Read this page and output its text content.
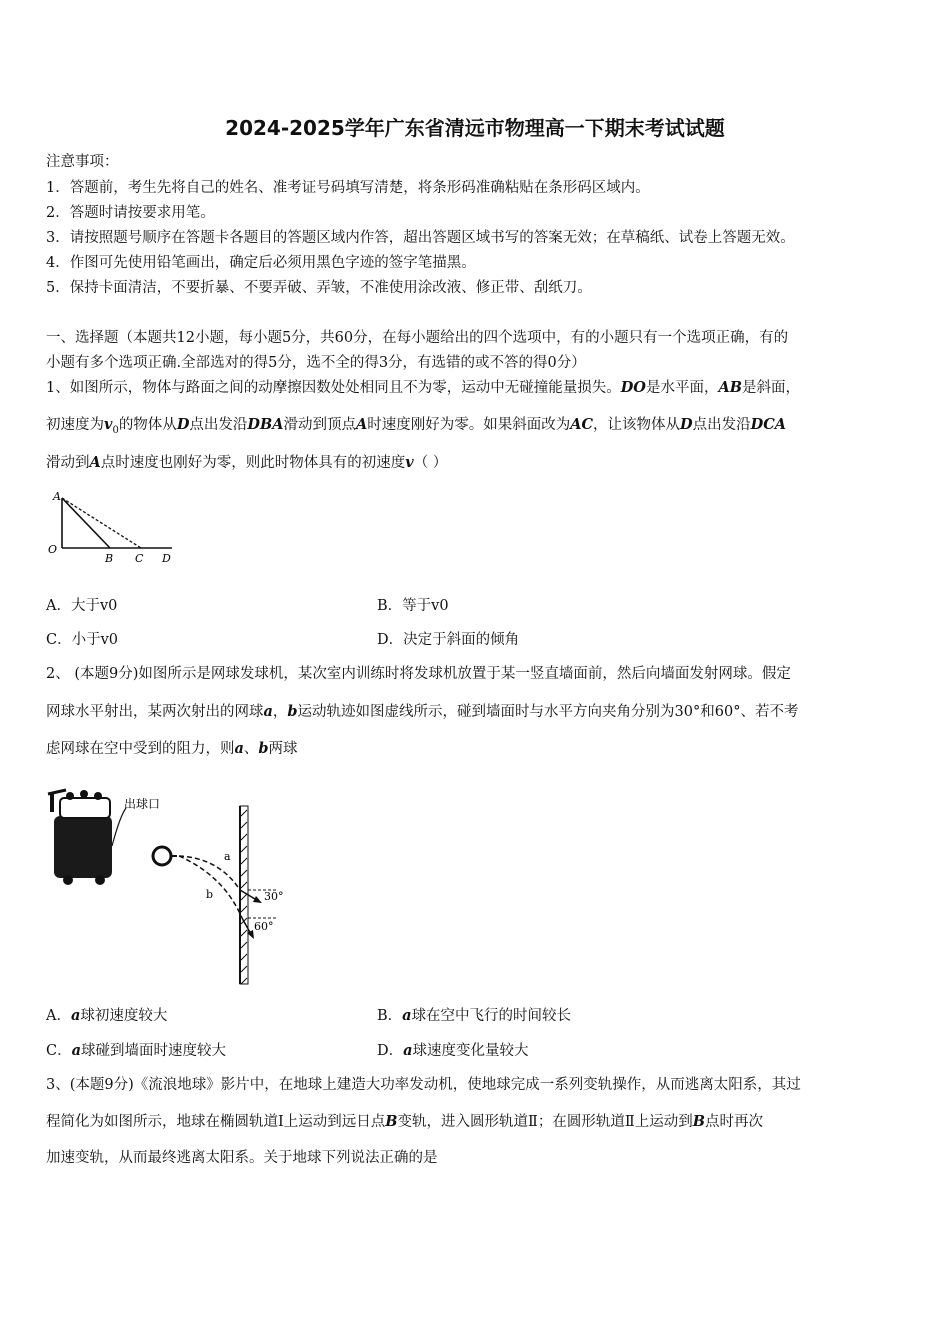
2024-2025学年广东省清远市物理高一下期末考试试题
注意事项：
1．答题前，考生先将自己的姓名、准考证号码填写清楚，将条形码准确粘贴在条形码区域内。
2．答题时请按要求用笔。
3．请按照题号顺序在答题卡各题目的答题区域内作答，超出答题区域书写的答案无效；在草稿纸、试卷上答题无效。
4．作图可先使用铅笔画出，确定后必须用黑色字迹的签字笔描黑。
5．保持卡面清洁，不要折暴、不要弄破、弄皱，不准使用涂改液、修正带、刮纸刀。
一、选择题（本题共12小题，每小题5分，共60分，在每小题给出的四个选项中，有的小题只有一个选项正确，有的
小题有多个选项正确.全部选对的得5分，选不全的得3分，有选错的或不答的得0分）
1、如图所示，物体与路面之间的动摩擦因数处处相同且不为零，运动中无碰撞能量损失。DO是水平面，AB是斜面，
初速度为$v_0$的物体从D点出发沿DBA滑动到顶点A时速度刚好为零。如果斜面改为AC，让该物体从D点出发沿DCA
滑动到A点时速度也刚好为零，则此时物体具有的初速度v（ ）
A
O
B C D
A．大于v0	B．等于v0
C．小于v0	D．决定于斜面的倾角
2、 (本题9分)如图所示是网球发球机，某次室内训练时将发球机放置于某一竖直墙面前，然后向墙面发射网球。假定
网球水平射出，某两次射出的网球a，b运动轨迹如图虚线所示，碰到墙面时与水平方向夹角分别为30°和60°、若不考
虑网球在空中受到的阻力，则a、b两球
出球口
a
30°
b
60°
A．a球初速度较大	B．a球在空中飞行的时间较长
C．a球碰到墙面时速度较大	D．a球速度变化量较大
3、(本题9分)《流浪地球》影片中，在地球上建造大功率发动机，使地球完成一系列变轨操作，从而逃离太阳系，其过
程简化为如图所示，地球在椭圆轨道Ⅰ上运动到远日点B变轨，进入圆形轨道Ⅱ；在圆形轨道Ⅱ上运动到B点时再次
加速变轨，从而最终逃离太阳系。关于地球下列说法正确的是
